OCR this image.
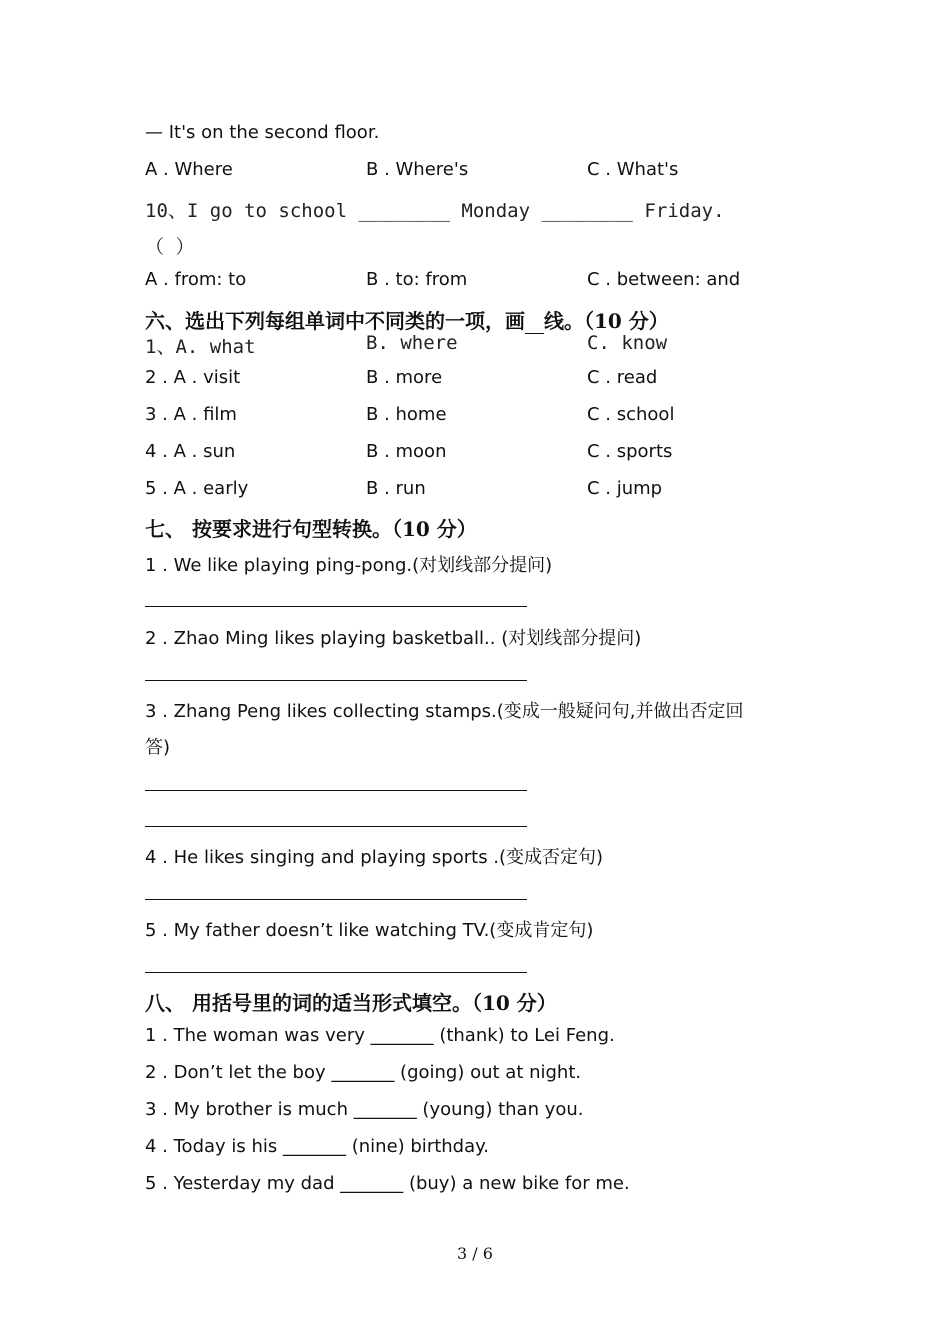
— It's on the second floor.
A . Where	B . Where's	C . What's
10、I go to school ________ Monday ________ Friday.
（ ）
A . from: to	B . to: from	C . between: and
六、选出下列每组单词中不同类的一项，画 线。（10 分）
1、A. what	B. where	C. know
2 . A . visit	B . more	C . read
3 . A . film	B . home	C . school
4 . A . sun	B . moon	C . sports
5 . A . early	B . run	C . jump
七、 按要求进行句型转换。（10 分）
1 . We like playing ping-pong.(对划线部分提问)
2 . Zhao Ming likes playing basketball.. (对划线部分提问)
3 . Zhang Peng likes collecting stamps.(变成一般疑问句,并做出否定回
答)
4 . He likes singing and playing sports .(变成否定句)
5 . My father doesn’t like watching TV.(变成肯定句)
八、 用括号里的词的适当形式填空。（10 分）
1 . The woman was very _______ (thank) to Lei Feng.
2 . Don’t let the boy _______ (going) out at night.
3 . My brother is much _______ (young) than you.
4 . Today is his _______ (nine) birthday.
5 . Yesterday my dad _______ (buy) a new bike for me.
3 / 6
